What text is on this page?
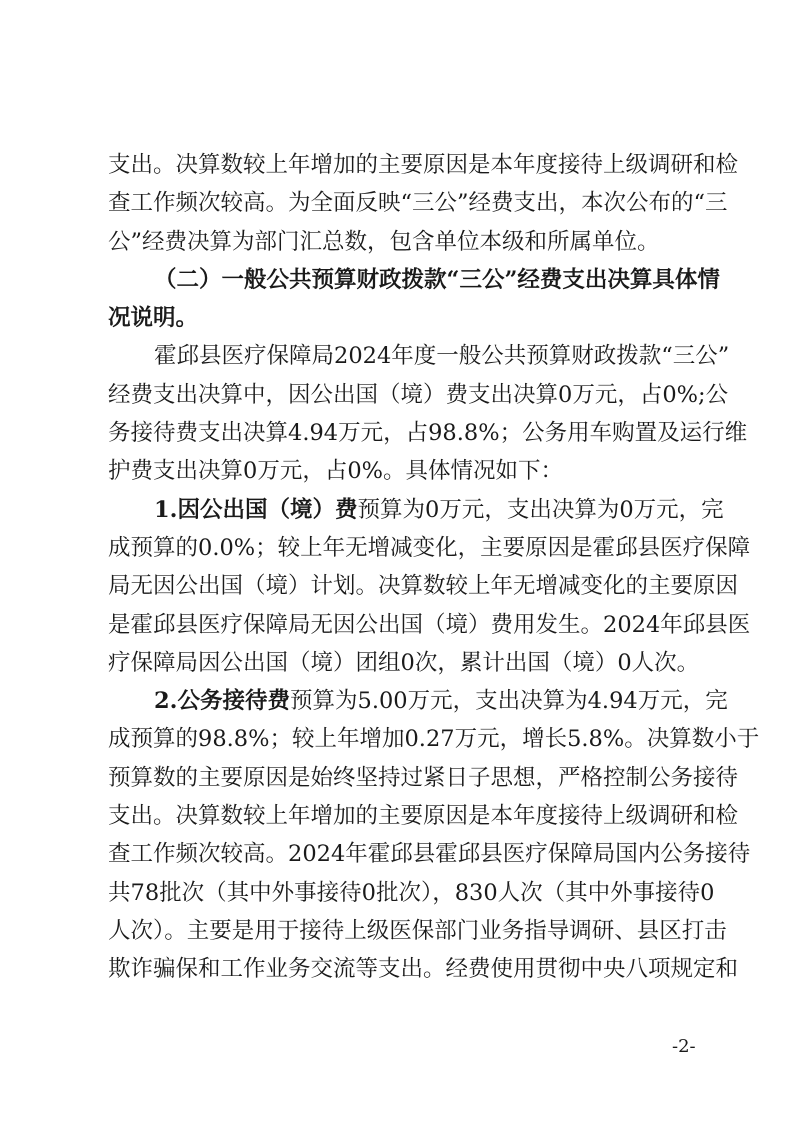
支出。决算数较上年增加的主要原因是本年度接待上级调研和检
查工作频次较高。为全面反映“三公”经费支出，本次公布的“三
公”经费决算为部门汇总数，包含单位本级和所属单位。
（二）一般公共预算财政拨款“三公”经费支出决算具体情
况说明。
霍邱县医疗保障局2024年度一般公共预算财政拨款“三公”
经费支出决算中，因公出国（境）费支出决算0万元，占0%;公
务接待费支出决算4.94万元，占98.8%；公务用车购置及运行维
护费支出决算0万元，占0%。具体情况如下：
1.因公出国（境）费预算为0万元，支出决算为0万元，完
成预算的0.0%；较上年无增减变化，主要原因是霍邱县医疗保障
局无因公出国（境）计划。决算数较上年无增减变化的主要原因
是霍邱县医疗保障局无因公出国（境）费用发生。2024年邱县医
疗保障局因公出国（境）团组0次，累计出国（境）0人次。
2.公务接待费预算为5.00万元，支出决算为4.94万元，完
成预算的98.8%；较上年增加0.27万元，增长5.8%。决算数小于
预算数的主要原因是始终坚持过紧日子思想，严格控制公务接待
支出。决算数较上年增加的主要原因是本年度接待上级调研和检
查工作频次较高。2024年霍邱县霍邱县医疗保障局国内公务接待
共78批次（其中外事接待0批次），830人次（其中外事接待0
人次）。主要是用于接待上级医保部门业务指导调研、县区打击
欺诈骗保和工作业务交流等支出。经费使用贯彻中央八项规定和
-2-
